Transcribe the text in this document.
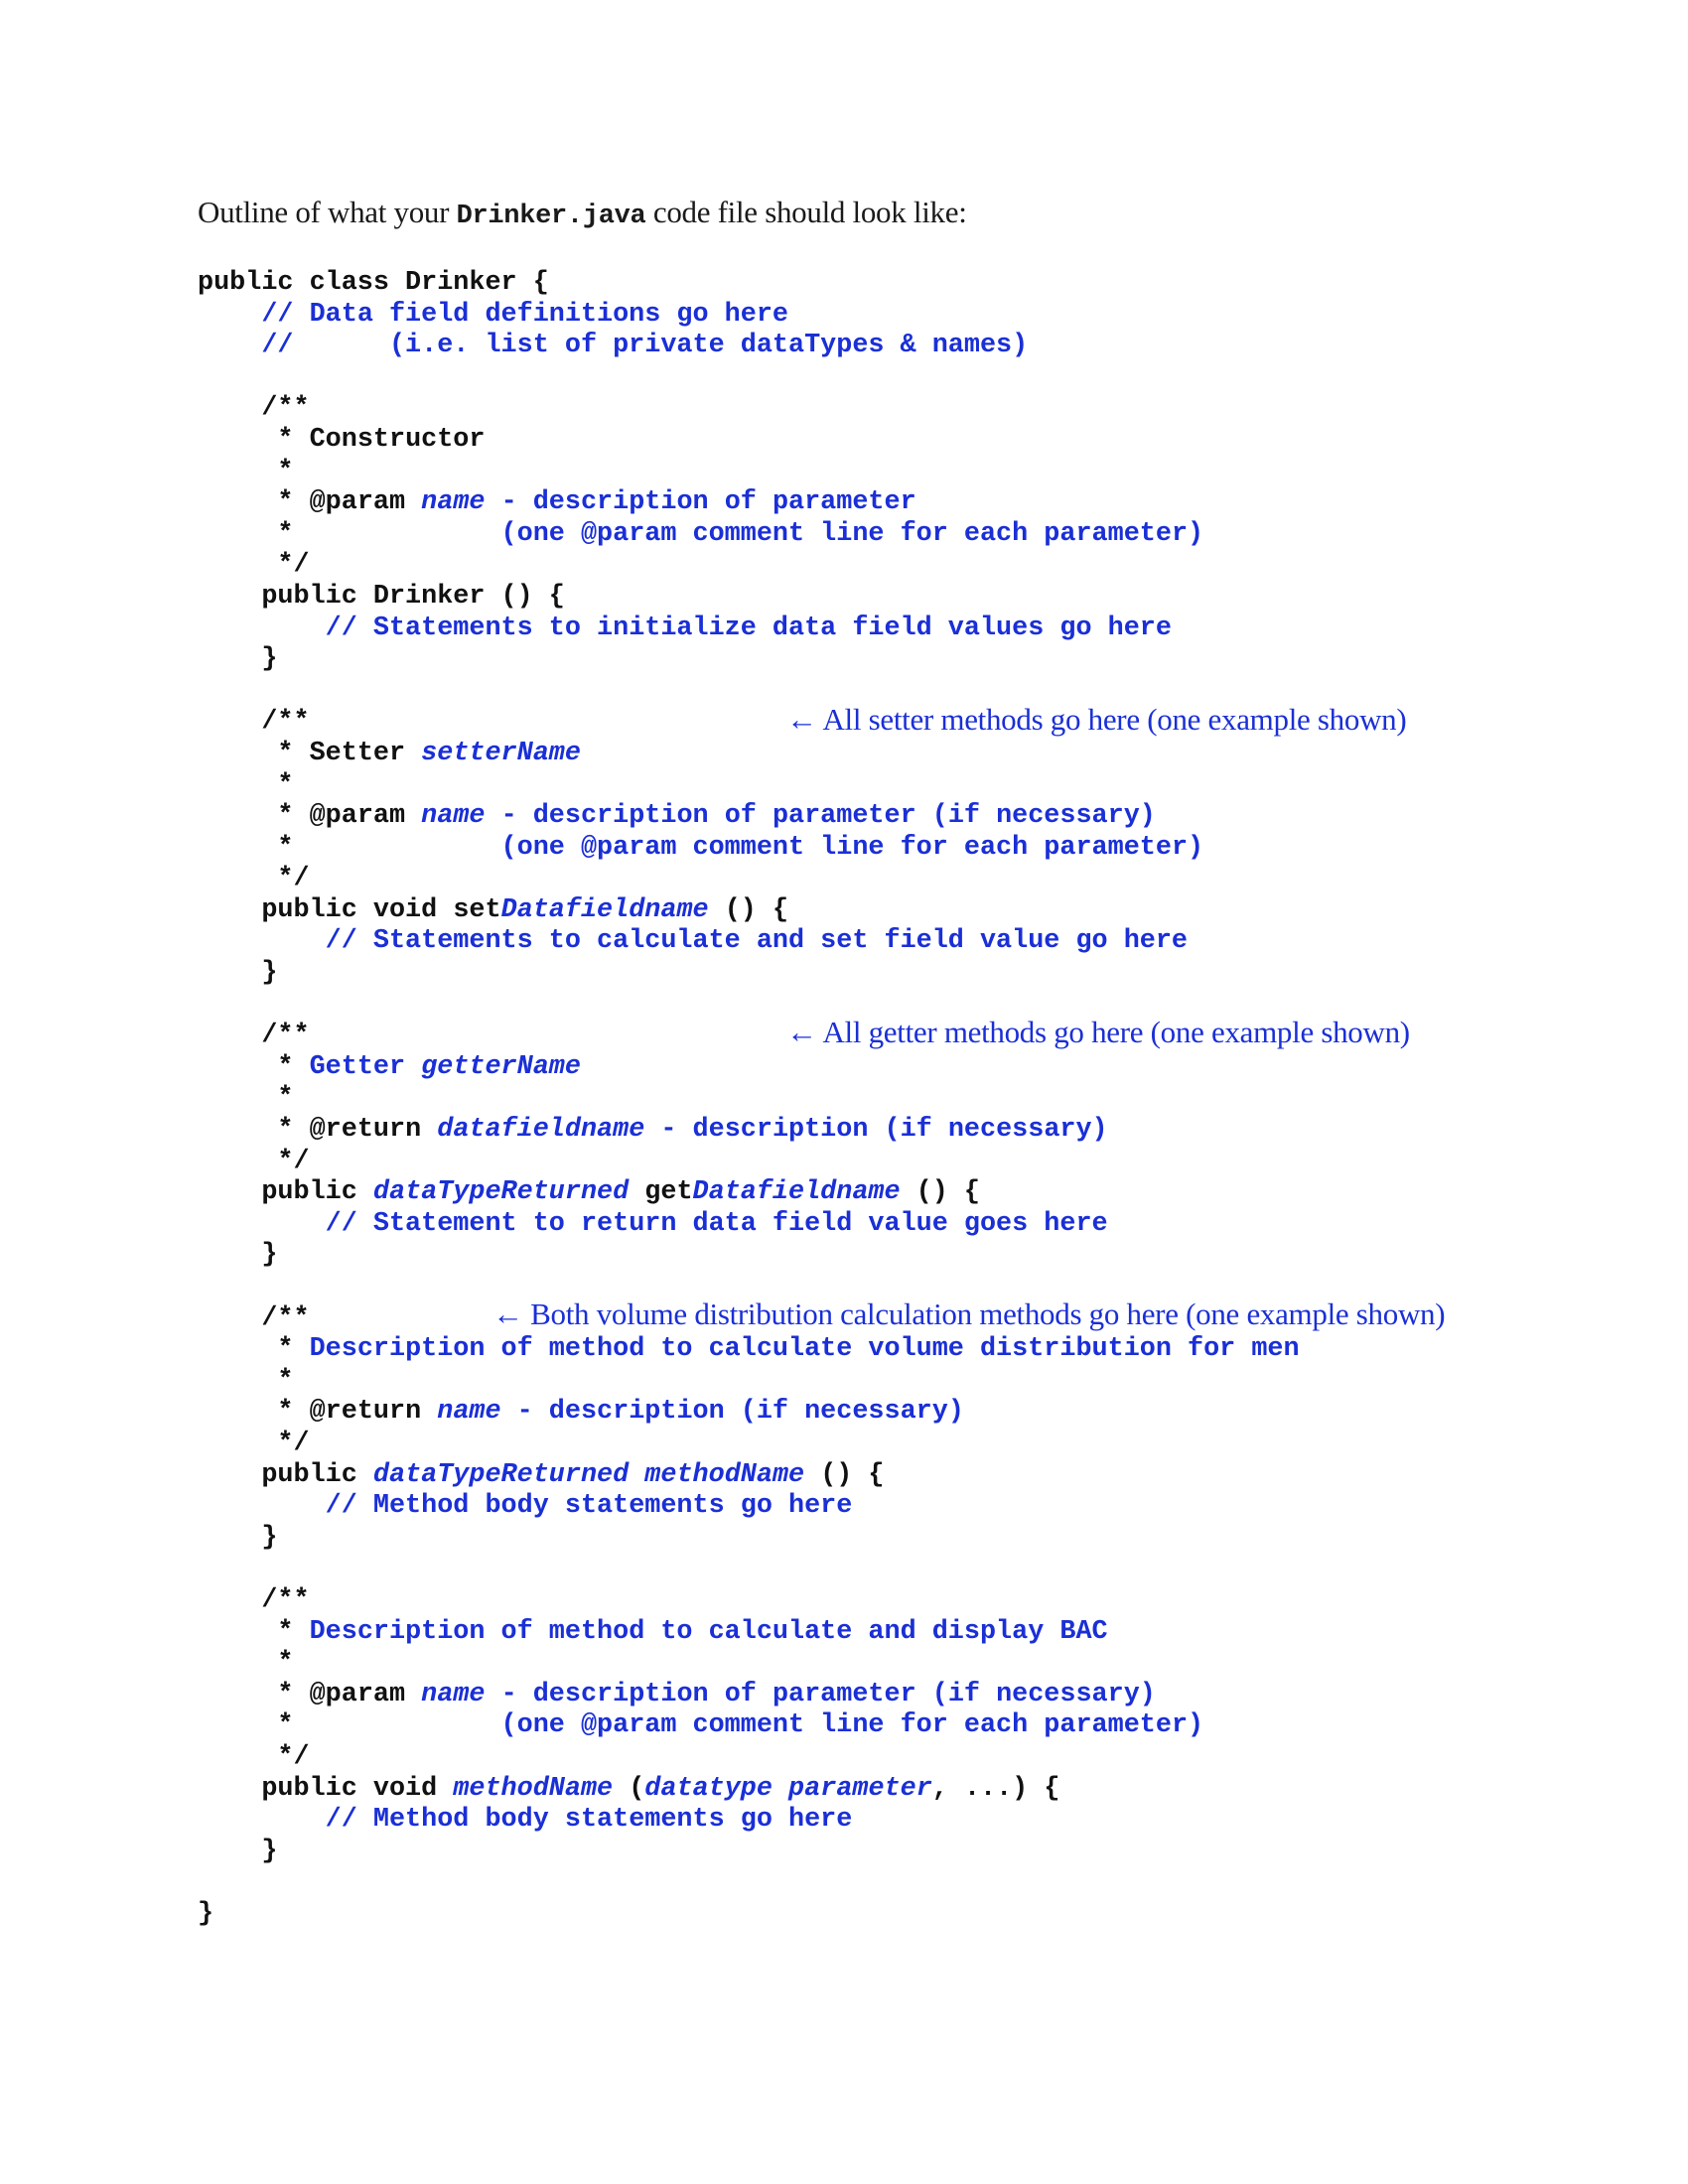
Outline of what your Drinker.java code file should look like:
public class Drinker {
// Data field definitions go here
//      (i.e. list of private dataTypes & names)

/**
* Constructor
*
* @param name - description of parameter
*             (one @param comment line for each parameter)
*/
public Drinker () {
// Statements to initialize data field values go here
}

/**
* Setter setterName
*
* @param name - description of parameter (if necessary)
*             (one @param comment line for each parameter)
*/
public void setDatafieldname () {
// Statements to calculate and set field value go here
}

/**
* Getter getterName
*
* @return datafieldname - description (if necessary)
*/
public dataTypeReturned getDatafieldname () {
// Statement to return data field value goes here
}

/**
* Description of method to calculate volume distribution for men
*
* @return name - description (if necessary)
*/
public dataTypeReturned methodName () {
// Method body statements go here
}

/**
* Description of method to calculate and display BAC
*
* @param name - description of parameter (if necessary)
*             (one @param comment line for each parameter)
*/
public void methodName (datatype parameter, ...) {
// Method body statements go here
}

}
← All setter methods go here (one example shown)
← All getter methods go here (one example shown)
← Both volume distribution calculation methods go here (one example shown)
